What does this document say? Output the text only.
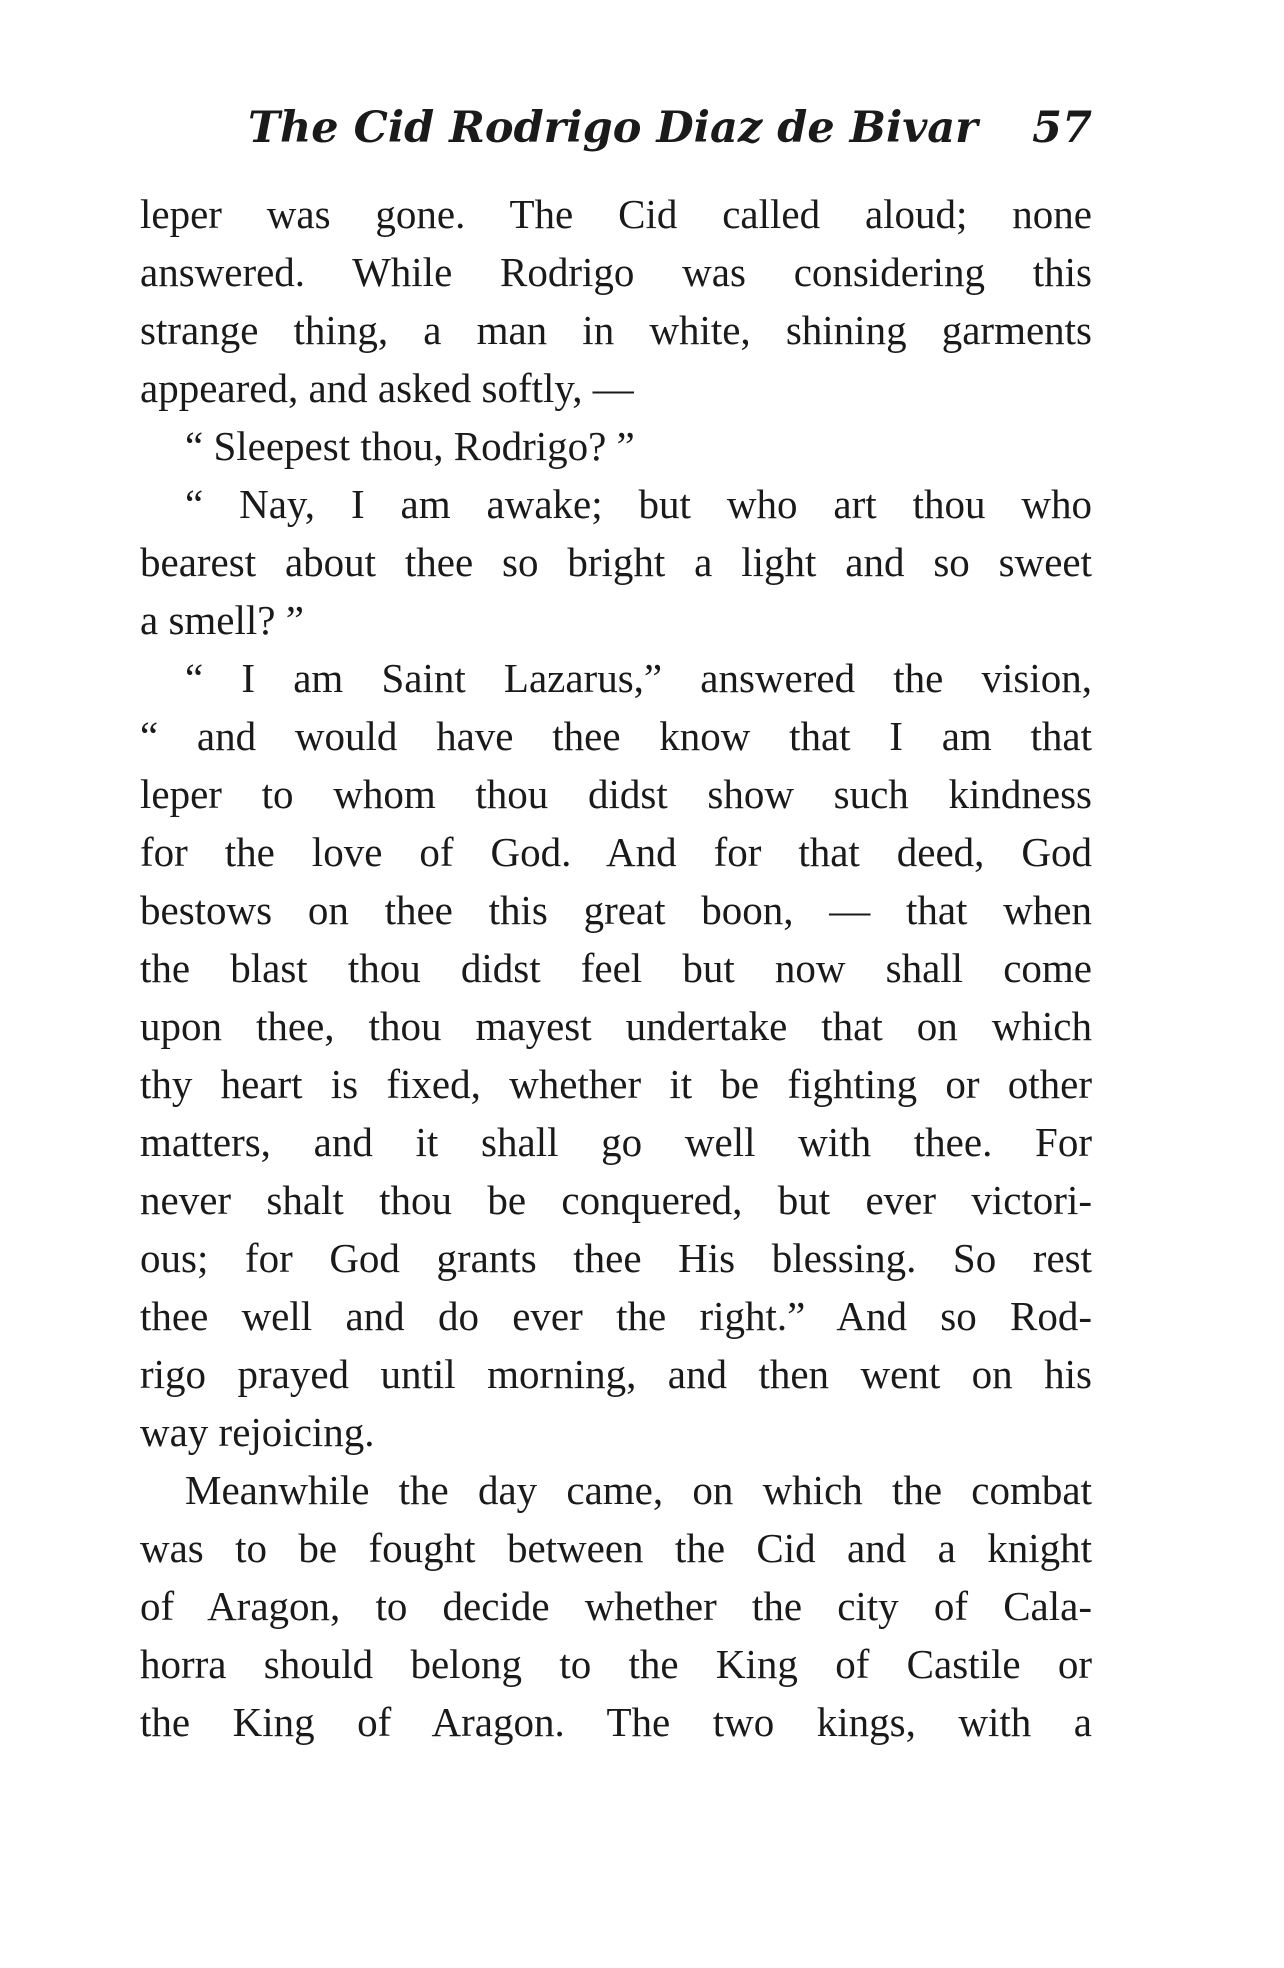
The Cid Rodrigo Diaz de Bivar 57
leper was gone. The Cid called aloud; none
answered. While Rodrigo was considering this
strange thing, a man in white, shining garments
appeared, and asked softly, —
“ Sleepest thou, Rodrigo? ”
“ Nay, I am awake; but who art thou who
bearest about thee so bright a light and so sweet
a smell? ”
“ I am Saint Lazarus,” answered the vision,
“ and would have thee know that I am that
leper to whom thou didst show such kindness
for the love of God. And for that deed, God
bestows on thee this great boon, — that when
the blast thou didst feel but now shall come
upon thee, thou mayest undertake that on which
thy heart is fixed, whether it be fighting or other
matters, and it shall go well with thee. For
never shalt thou be conquered, but ever victori-
ous; for God grants thee His blessing. So rest
thee well and do ever the right.” And so Rod-
rigo prayed until morning, and then went on his
way rejoicing.
Meanwhile the day came, on which the combat
was to be fought between the Cid and a knight
of Aragon, to decide whether the city of Cala-
horra should belong to the King of Castile or
the King of Aragon. The two kings, with a
